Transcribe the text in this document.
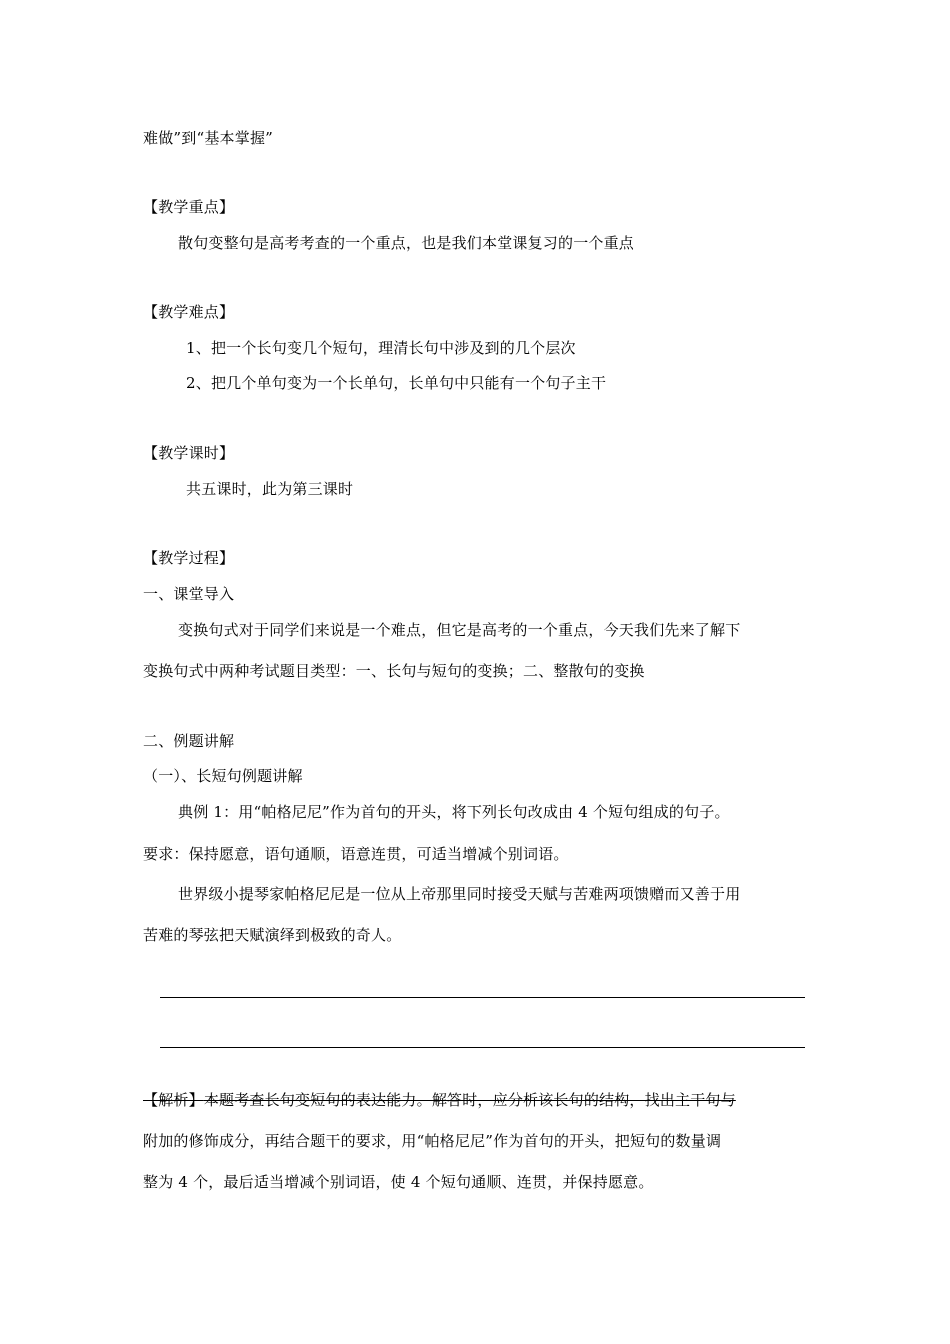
难做”到“基本掌握”
【教学重点】
散句变整句是高考考查的一个重点，也是我们本堂课复习的一个重点
【教学难点】
1、把一个长句变几个短句，理清长句中涉及到的几个层次
2、把几个单句变为一个长单句，长单句中只能有一个句子主干
【教学课时】
共五课时，此为第三课时
【教学过程】
一、课堂导入
变换句式对于同学们来说是一个难点，但它是高考的一个重点，今天我们先来了解下
变换句式中两种考试题目类型：一、长句与短句的变换；二、整散句的变换
二、例题讲解
（一）、长短句例题讲解
典例 1：用“帕格尼尼”作为首句的开头，将下列长句改成由 4 个短句组成的句子。
要求：保持愿意，语句通顺，语意连贯，可适当增减个别词语。
世界级小提琴家帕格尼尼是一位从上帝那里同时接受天赋与苦难两项馈赠而又善于用
苦难的琴弦把天赋演绎到极致的奇人。
【解析】本题考查长句变短句的表达能力。解答时，应分析该长句的结构，找出主干句与
附加的修饰成分，再结合题干的要求，用“帕格尼尼”作为首句的开头，把短句的数量调
整为 4 个，最后适当增减个别词语，使 4 个短句通顺、连贯，并保持愿意。
